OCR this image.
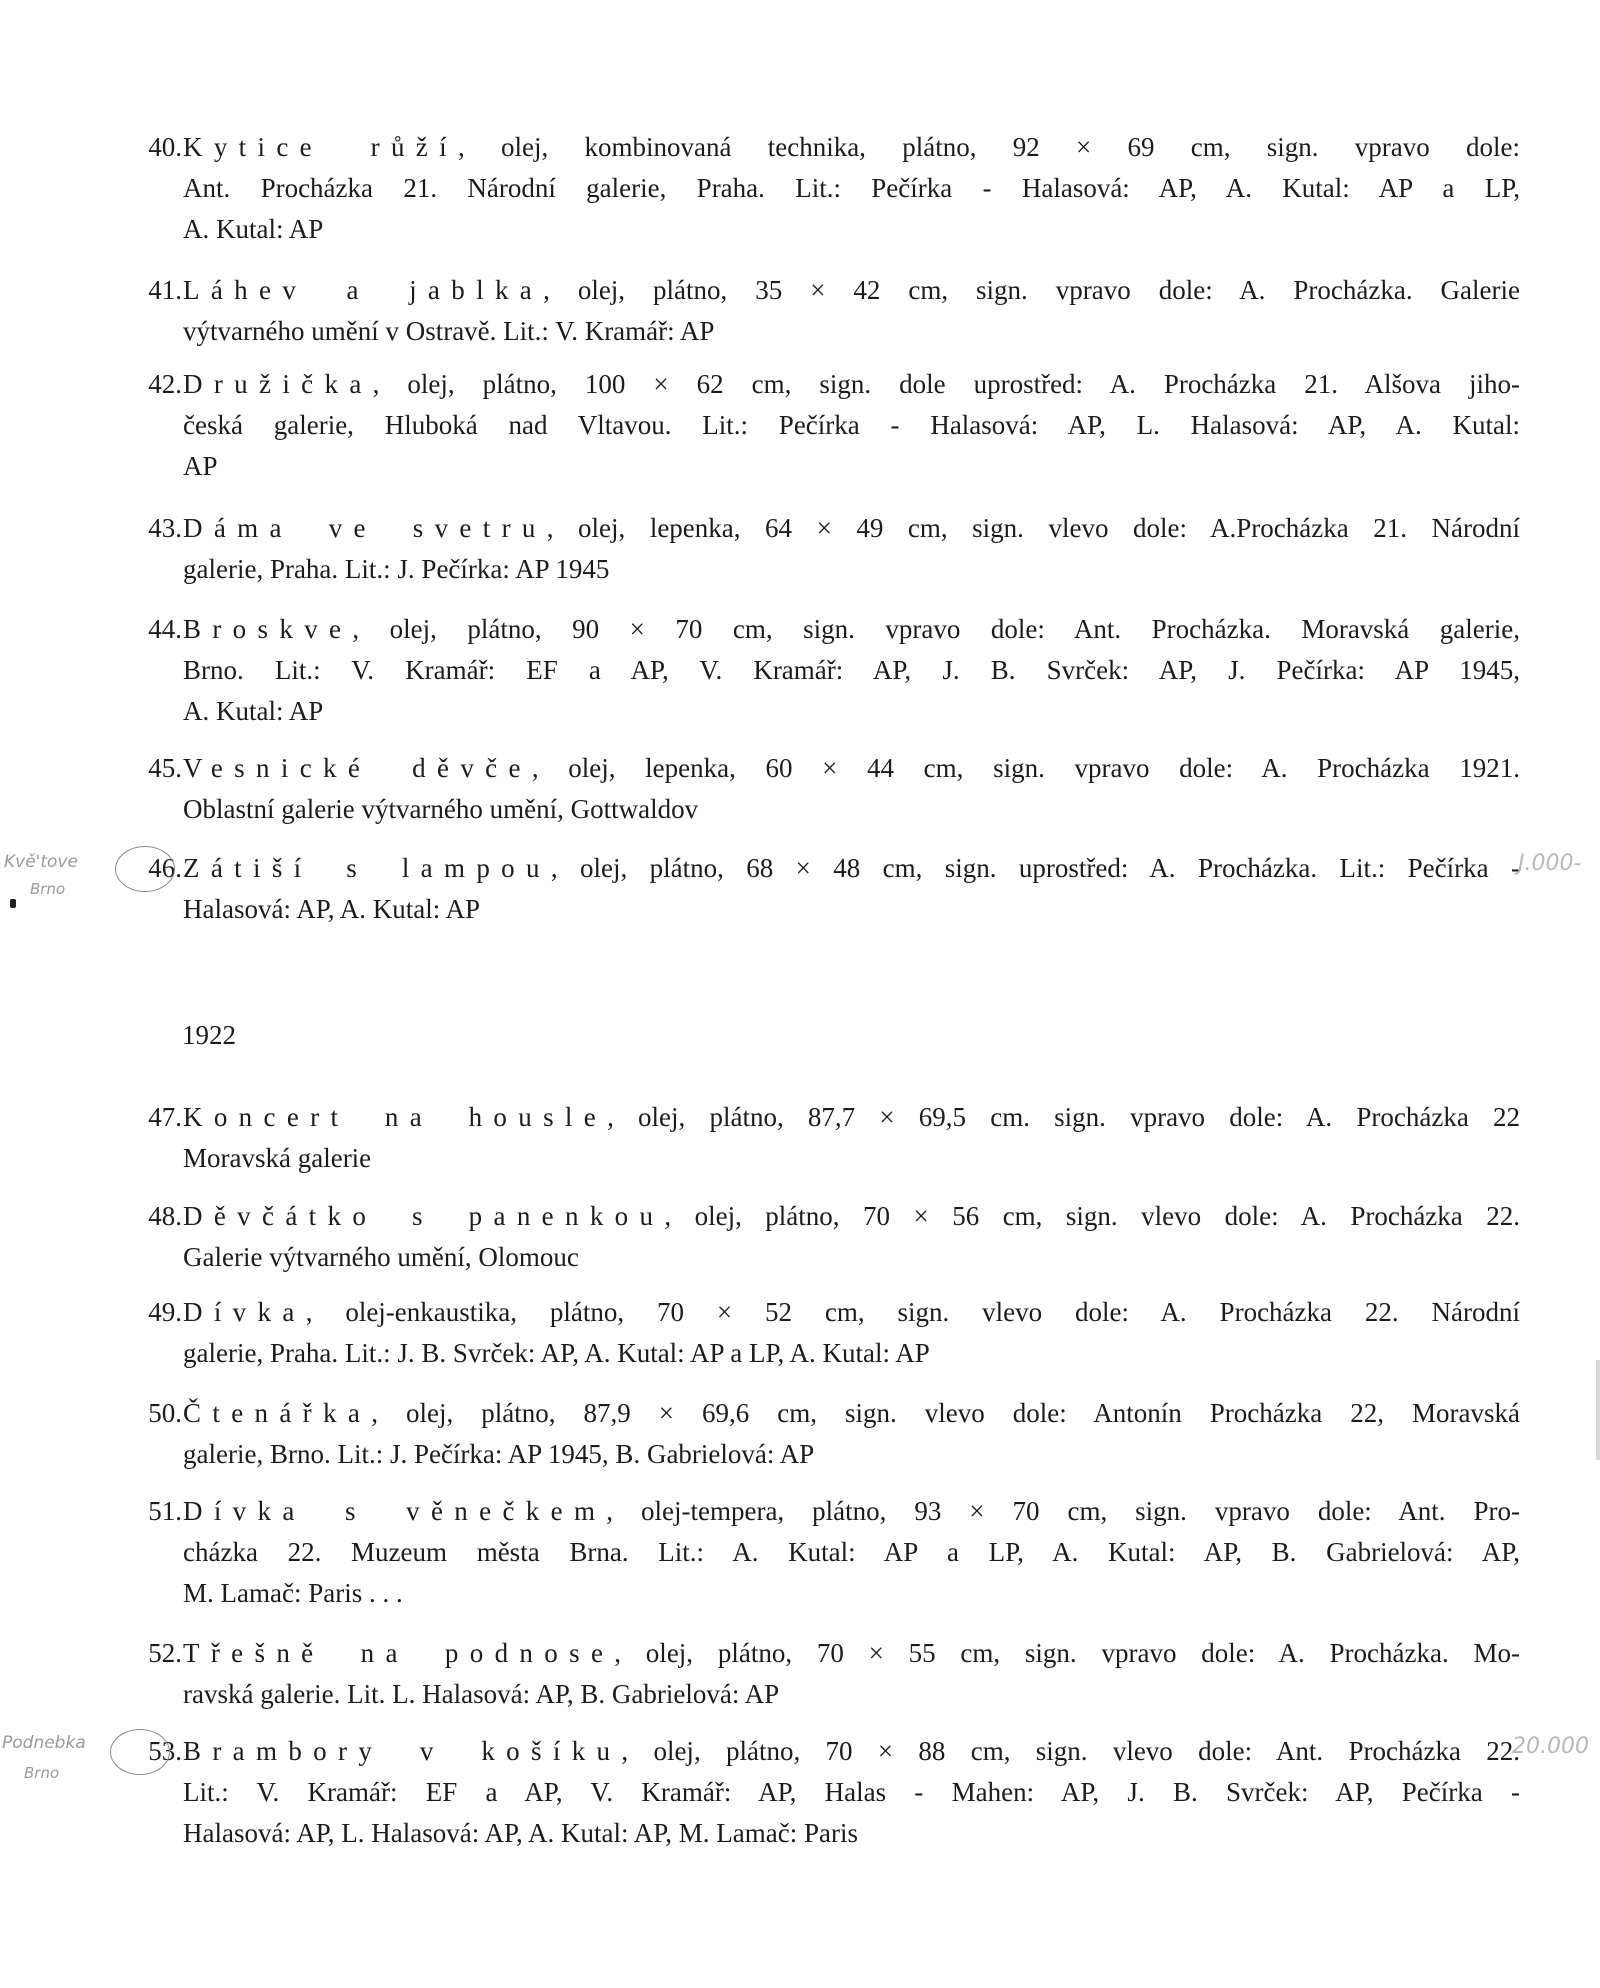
40. Kytice růží, olej, kombinovaná technika, plátno, 92 × 69 cm, sign. vpravo dole:
Ant. Procházka 21. Národní galerie, Praha. Lit.: Pečírka - Halasová: AP, A. Kutal: AP a LP,
A. Kutal: AP
41. Láhev a jablka, olej, plátno, 35 × 42 cm, sign. vpravo dole: A. Procházka. Galerie
výtvarného umění v Ostravě. Lit.: V. Kramář: AP
42. Družička, olej, plátno, 100 × 62 cm, sign. dole uprostřed: A. Procházka 21. Alšova jiho-
česká galerie, Hluboká nad Vltavou. Lit.: Pečírka - Halasová: AP, L. Halasová: AP, A. Kutal:
AP
43. Dáma ve svetru, olej, lepenka, 64 × 49 cm, sign. vlevo dole: A.Procházka 21. Národní
galerie, Praha. Lit.: J. Pečírka: AP 1945
44. Broskve, olej, plátno, 90 × 70 cm, sign. vpravo dole: Ant. Procházka. Moravská galerie,
Brno. Lit.: V. Kramář: EF a AP, V. Kramář: AP, J. B. Svrček: AP, J. Pečírka: AP 1945,
A. Kutal: AP
45. Vesnické děvče, olej, lepenka, 60 × 44 cm, sign. vpravo dole: A. Procházka 1921.
Oblastní galerie výtvarného umění, Gottwaldov
46. Zátiší s lampou, olej, plátno, 68 × 48 cm, sign. uprostřed: A. Procházka. Lit.: Pečírka -
Halasová: AP, A. Kutal: AP
1922
47. Koncert na housle, olej, plátno, 87,7 × 69,5 cm. sign. vpravo dole: A. Procházka 22
Moravská galerie
48. Děvčátko s panenkou, olej, plátno, 70 × 56 cm, sign. vlevo dole: A. Procházka 22.
Galerie výtvarného umění, Olomouc
49. Dívka, olej-enkaustika, plátno, 70 × 52 cm, sign. vlevo dole: A. Procházka 22. Národní
galerie, Praha. Lit.: J. B. Svrček: AP, A. Kutal: AP a LP, A. Kutal: AP
50. Čtenářka, olej, plátno, 87,9 × 69,6 cm, sign. vlevo dole: Antonín Procházka 22, Moravská
galerie, Brno. Lit.: J. Pečírka: AP 1945, B. Gabrielová: AP
51. Dívka s věnečkem, olej-tempera, plátno, 93 × 70 cm, sign. vpravo dole: Ant. Pro-
cházka 22. Muzeum města Brna. Lit.: A. Kutal: AP a LP, A. Kutal: AP, B. Gabrielová: AP,
M. Lamač: Paris . . .
52. Třešně na podnose, olej, plátno, 70 × 55 cm, sign. vpravo dole: A. Procházka. Mo-
ravská galerie. Lit. L. Halasová: AP, B. Gabrielová: AP
53. Brambory v košíku, olej, plátno, 70 × 88 cm, sign. vlevo dole: Ant. Procházka 22.
Lit.: V. Kramář: EF a AP, V. Kramář: AP, Halas - Mahen: AP, J. B. Svrček: AP, Pečírka -
Halasová: AP, L. Halasová: AP, A. Kutal: AP, M. Lamač: Paris
Kvě'tove
Brno
J.000-
Podnebka
Brno
20.000
